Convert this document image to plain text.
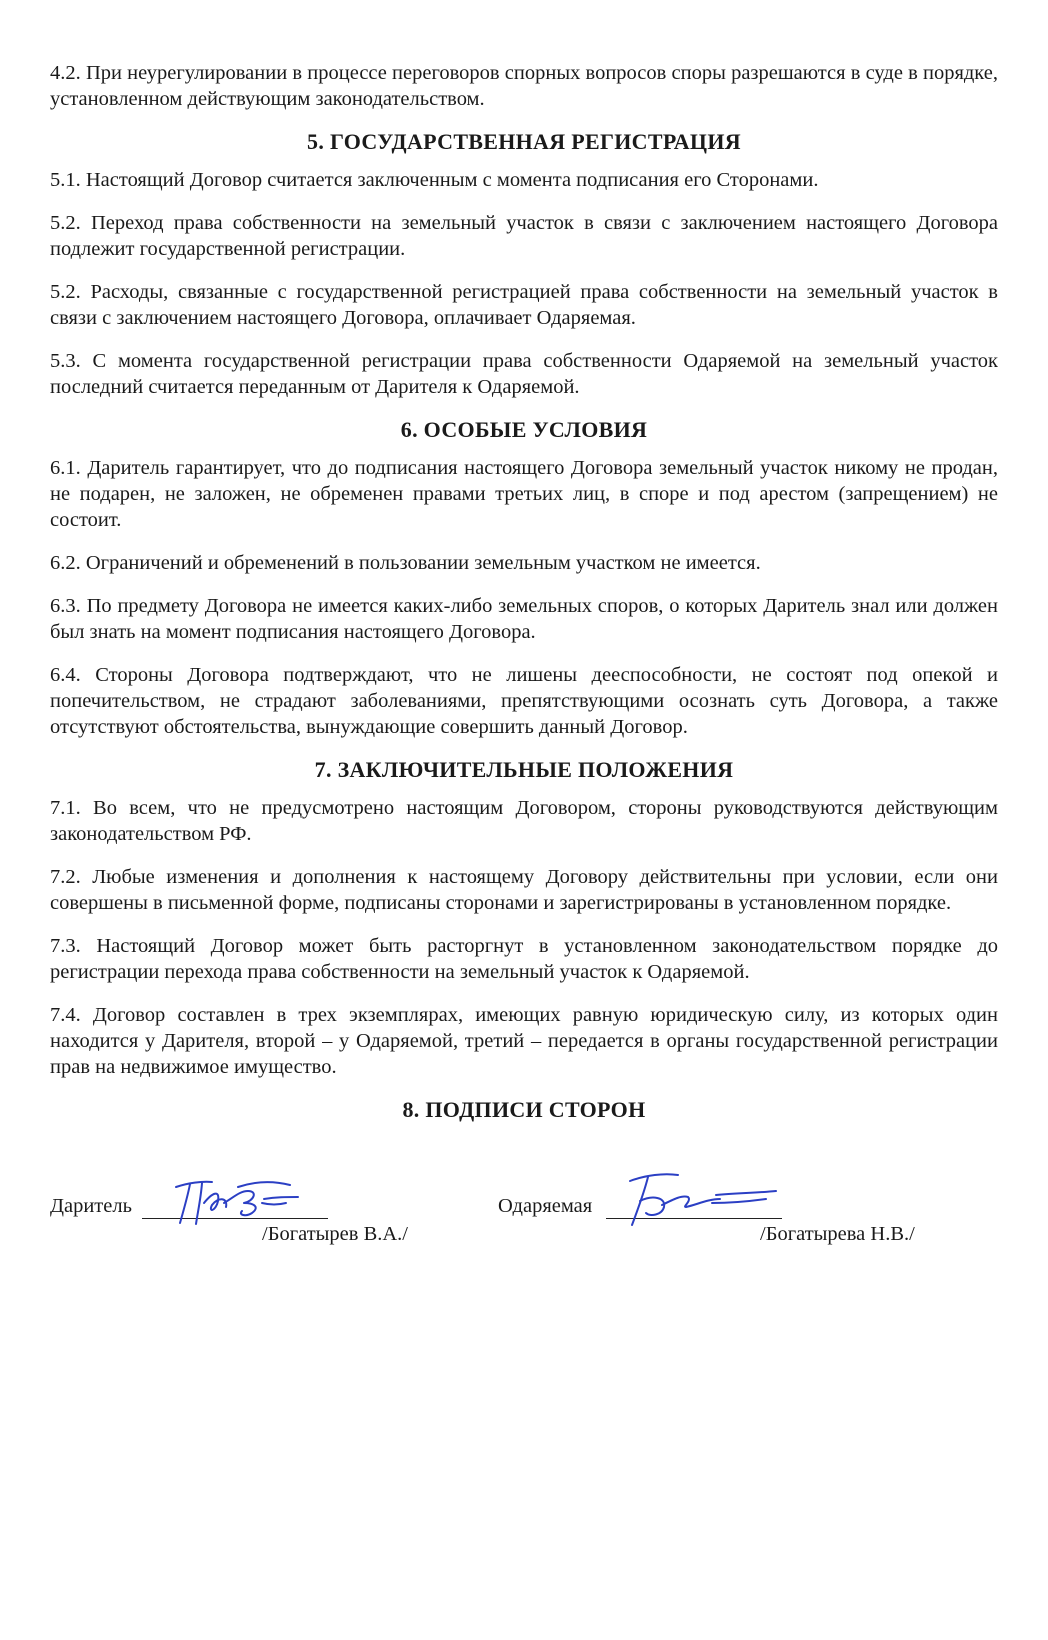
4.2. При неурегулировании в процессе переговоров спорных вопросов споры разрешаются в суде в порядке, установленном действующим законодательством.

5. ГОСУДАРСТВЕННАЯ РЕГИСТРАЦИЯ

5.1. Настоящий Договор считается заключенным с момента подписания его Сторонами.

5.2. Переход права собственности на земельный участок в связи с заключением настоящего Договора подлежит государственной регистрации.

5.2. Расходы, связанные с государственной регистрацией права собственности на земельный участок в связи с заключением настоящего Договора, оплачивает Одаряемая.

5.3. С момента государственной регистрации права собственности Одаряемой на земельный участок последний считается переданным от Дарителя к Одаряемой.

6. ОСОБЫЕ УСЛОВИЯ

6.1. Даритель гарантирует, что до подписания настоящего Договора земельный участок никому не продан, не подарен, не заложен, не обременен правами третьих лиц, в споре и под арестом (запрещением) не состоит.

6.2. Ограничений и обременений в пользовании земельным участком не имеется.

6.3. По предмету Договора не имеется каких-либо земельных споров, о которых Даритель знал или должен был знать на момент подписания настоящего Договора.

6.4. Стороны Договора подтверждают, что не лишены дееспособности, не состоят под опекой и попечительством, не страдают заболеваниями, препятствующими осознать суть Договора, а также отсутствуют обстоятельства, вынуждающие совершить данный Договор.

7. ЗАКЛЮЧИТЕЛЬНЫЕ ПОЛОЖЕНИЯ

7.1. Во всем, что не предусмотрено настоящим Договором, стороны руководствуются действующим законодательством РФ.

7.2. Любые изменения и дополнения к настоящему Договору действительны при условии, если они совершены в письменной форме, подписаны сторонами и зарегистрированы в установленном порядке.

7.3. Настоящий Договор может быть расторгнут в установленном законодательством порядке до регистрации перехода права собственности на земельный участок к Одаряемой.

7.4. Договор составлен в трех экземплярах, имеющих равную юридическую силу, из которых один находится у Дарителя, второй – у Одаряемой, третий – передается в органы государственной регистрации прав на недвижимое имущество.

8. ПОДПИСИ СТОРОН
Даритель
/Богатырев В.А./
Одаряемая
/Богатырева Н.В./
